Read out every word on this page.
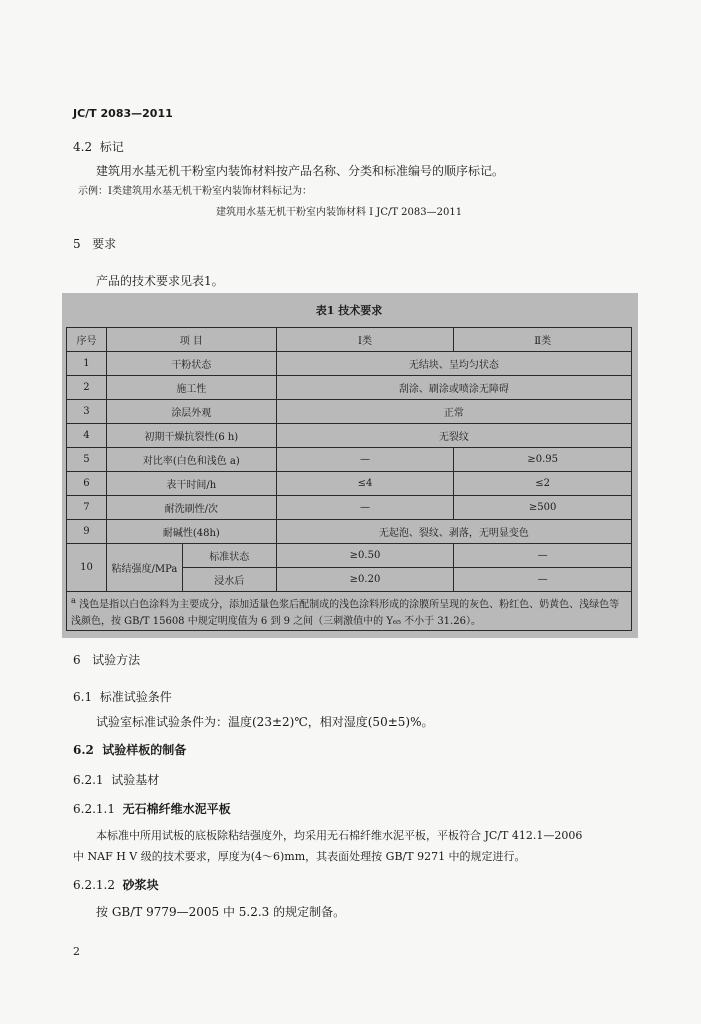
JC/T 2083—2011
4.2 标记
建筑用水基无机干粉室内装饰材料按产品名称、分类和标准编号的顺序标记。
示例：Ⅰ类建筑用水基无机干粉室内装饰材料标记为：
建筑用水基无机干粉室内装饰材料 Ⅰ JC/T 2083—2011
5 要求
产品的技术要求见表1。
表1 技术要求
序号	项 目		Ⅰ类	Ⅱ类
1	干粉状态		无结块、呈均匀状态	
2	施工性		刮涂、刷涂或喷涂无障碍	
3	涂层外观		正常	
4	初期干燥抗裂性(6 h)		无裂纹	
5	对比率(白色和浅色 a)		—	≥0.95
6	表干时间/h		≤4	≤2
7	耐洗刷性/次		—	≥500
9	耐碱性(48h)		无起泡、裂纹、剥落，无明显变色	
10	粘结强度/MPa	标准状态	≥0.50	—
		浸水后	≥0.20	—
$^a$ 浅色是指以白色涂料为主要成分，添加适量色浆后配制成的浅色涂料形成的涂膜所呈现的灰色、粉红色、奶黄色、浅绿色等浅颜色，按 GB/T 15608 中规定明度值为 6 到 9 之间（三刺激值中的 Y₆₅ 不小于 31.26）。				
6 试验方法
6.1 标准试验条件
试验室标准试验条件为：温度(23±2)℃，相对湿度(50±5)%。
6.2 试验样板的制备
6.2.1 试验基材
6.2.1.1 无石棉纤维水泥平板
本标准中所用试板的底板除粘结强度外，均采用无石棉纤维水泥平板，平板符合 JC/T 412.1—2006
中 NAF H V 级的技术要求，厚度为(4～6)mm，其表面处理按 GB/T 9271 中的规定进行。
6.2.1.2 砂浆块
按 GB/T 9779—2005 中 5.2.3 的规定制备。
2
